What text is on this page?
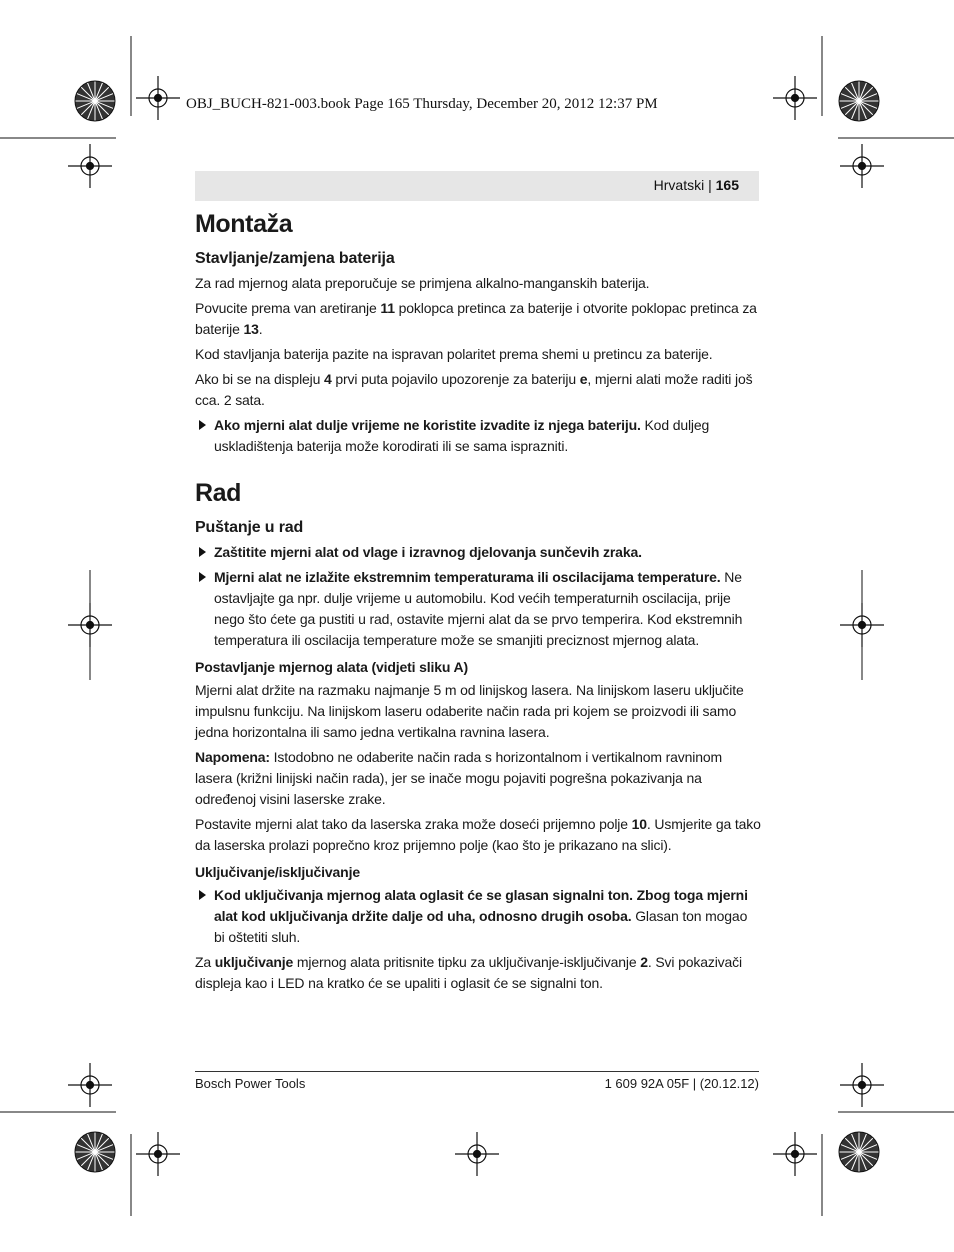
OBJ_BUCH-821-003.book Page 165 Thursday, December 20, 2012 12:37 PM
Hrvatski | 165
Montaža
Stavljanje/zamjena baterija

Za rad mjernog alata preporučuje se primjena alkalno-manganskih baterija.

Povucite prema van aretiranje 11 poklopca pretinca za baterije i otvorite poklopac pretinca za baterije 13.

Kod stavljanja baterija pazite na ispravan polaritet prema shemi u pretincu za baterije.

Ako bi se na displeju 4 prvi puta pojavilo upozorenje za bateriju e, mjerni alati može raditi još cca. 2 sata.

Ako mjerni alat dulje vrijeme ne koristite izvadite iz njega bateriju. Kod duljeg uskladištenja baterija može korodirati ili se sama isprazniti.
Rad
Puštanje u rad
Zaštitite mjerni alat od vlage i izravnog djelovanja sunčevih zraka.
Mjerni alat ne izlažite ekstremnim temperaturama ili oscilacijama temperature. Ne ostavljajte ga npr. dulje vrijeme u automobilu. Kod većih temperaturnih oscilacija, prije nego što ćete ga pustiti u rad, ostavite mjerni alat da se prvo temperira. Kod ekstremnih temperatura ili oscilacija temperature može se smanjiti preciznost mjernog alata.
Postavljanje mjernog alata (vidjeti sliku A)

Mjerni alat držite na razmaku najmanje 5 m od linijskog lasera. Na linijskom laseru uključite impulsnu funkciju. Na linijskom laseru odaberite način rada pri kojem se proizvodi ili samo jedna horizontalna ili samo jedna vertikalna ravnina lasera.

Napomena: Istodobno ne odaberite način rada s horizontalnom i vertikalnom ravninom lasera (križni linijski način rada), jer se inače mogu pojaviti pogrešna pokazivanja na određenoj visini laserske zrake.

Postavite mjerni alat tako da laserska zraka može doseći prijemno polje 10. Usmjerite ga tako da laserska prolazi poprečno kroz prijemno polje (kao što je prikazano na slici).

Uključivanje/isključivanje
Kod uključivanja mjernog alata oglasit će se glasan signalni ton. Zbog toga mjerni alat kod uključivanja držite dalje od uha, odnosno drugih osoba. Glasan ton mogao bi oštetiti sluh.

Za uključivanje mjernog alata pritisnite tipku za uključivanje-isključivanje 2. Svi pokazivači displeja kao i LED na kratko će se upaliti i oglasit će se signalni ton.

Bosch Power Tools	1 609 92A 05F | (20.12.12)
